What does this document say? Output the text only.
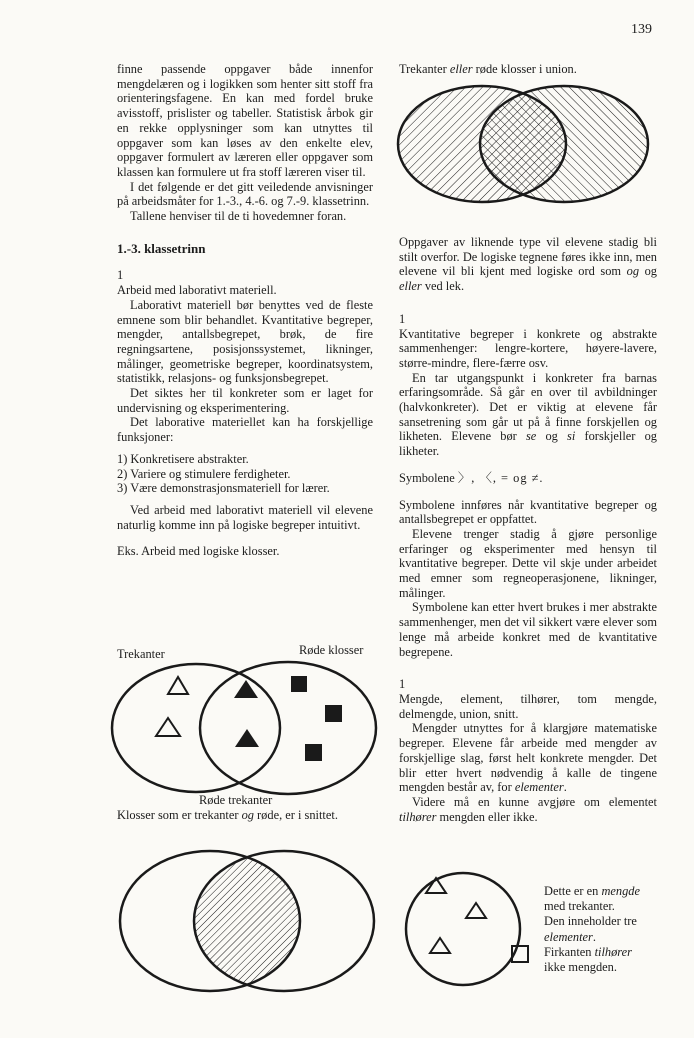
139

finne passende oppgaver både innenfor mengdelæren og i logikken som henter sitt stoff fra orienteringsfagene. En kan med fordel bruke avisstoff, prislister og tabeller. Statistisk årbok gir en rekke opplysninger som kan utnyttes til oppgaver som kan løses av den enkelte elev, oppgaver formulert av læreren eller oppgaver som klassen kan formulere ut fra stoff læreren viser til.

I det følgende er det gitt veiledende anvisninger på arbeidsmåter for 1.-3., 4.-6. og 7.-9. klassetrinn.

Tallene henviser til de ti hovedemner foran.

1.-3. klassetrinn

1

Arbeid med laborativt materiell.

Laborativt materiell bør benyttes ved de fleste emnene som blir behandlet. Kvantitative begreper, mengder, antallsbegrepet, brøk, de fire regningsartene, posisjonssystemet, likninger, målinger, geometriske begreper, koordinatsystem, statistikk, relasjons- og funksjonsbegrepet.

Det siktes her til konkreter som er laget for undervisning og eksperimentering.

Det laborative materiellet kan ha forskjellige funksjoner:

1) Konkretisere abstrakter.
2) Variere og stimulere ferdigheter.
3) Være demonstrasjonsmateriell for lærer.

Ved arbeid med laborativt materiell vil elevene naturlig komme inn på logiske begreper intuitivt.

Eks. Arbeid med logiske klosser.

Trekanter	Røde klosser
Røde trekanter

Klosser som er trekanter og røde, er i snittet.

Trekanter eller røde klosser i union.

Oppgaver av liknende type vil elevene stadig bli stilt overfor. De logiske tegnene føres ikke inn, men elevene vil bli kjent med logiske ord som og og eller ved lek.

1

Kvantitative begreper i konkrete og abstrakte sammenhenger: lengre-kortere, høyere-lavere, større-mindre, flere-færre osv.

En tar utgangspunkt i konkreter fra barnas erfaringsområde. Så går en over til avbildninger (halvkonkreter). Det er viktig at elevene får sansetrening som går ut på å finne forskjellen og likheten. Elevene bør se og si forskjeller og likheter.

Symbolene 〉, 〈, = og ≠.

Symbolene innføres når kvantitative begreper og antallsbegrepet er oppfattet.

Elevene trenger stadig å gjøre personlige erfaringer og eksperimenter med hensyn til kvantitative begreper. Dette vil skje under arbeidet med emner som regneoperasjonene, likninger, målinger.

Symbolene kan etter hvert brukes i mer abstrakte sammenhenger, men det vil sikkert være elever som lenge må arbeide konkret med de kvantitative begrepene.

1

Mengde, element, tilhører, tom mengde, delmengde, union, snitt.

Mengder utnyttes for å klargjøre matematiske begreper. Elevene får arbeide med mengder av forskjellige slag, først helt konkrete mengder. Det blir etter hvert nødvendig å kalle de tingene mengden består av, for elementer.

Videre må en kunne avgjøre om elementet tilhører mengden eller ikke.

Dette er en mengde
med trekanter.
Den inneholder tre
elementer.
Firkanten tilhører
ikke mengden.
